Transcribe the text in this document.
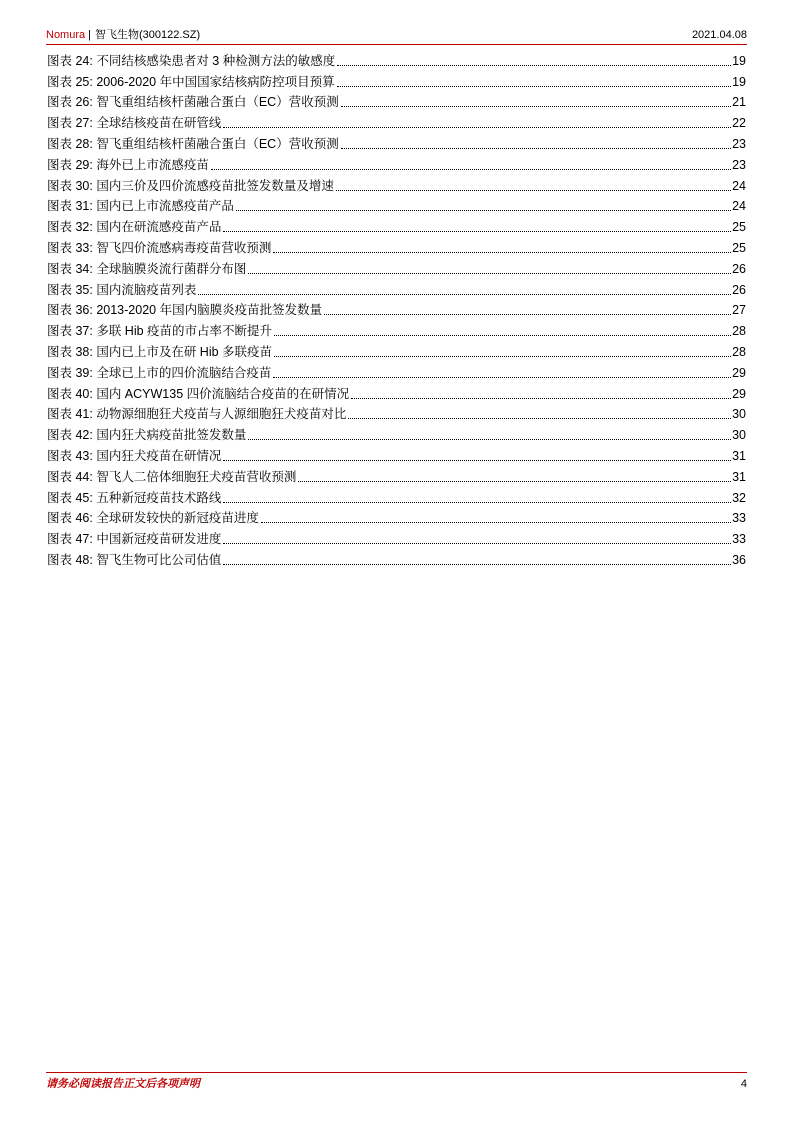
Nomura | 智飞生物(300122.SZ)	2021.04.08
图表 24: 不同结核感染患者对 3 种检测方法的敏感度	19
图表 25: 2006-2020 年中国国家结核病防控项目预算	19
图表 26: 智飞重组结核杆菌融合蛋白（EC）营收预测	21
图表 27: 全球结核疫苗在研管线	22
图表 28: 智飞重组结核杆菌融合蛋白（EC）营收预测	23
图表 29: 海外已上市流感疫苗	23
图表 30: 国内三价及四价流感疫苗批签发数量及增速	24
图表 31: 国内已上市流感疫苗产品	24
图表 32: 国内在研流感疫苗产品	25
图表 33: 智飞四价流感病毒疫苗营收预测	25
图表 34: 全球脑膜炎流行菌群分布图	26
图表 35: 国内流脑疫苗列表	26
图表 36: 2013-2020 年国内脑膜炎疫苗批签发数量	27
图表 37: 多联 Hib 疫苗的市占率不断提升	28
图表 38: 国内已上市及在研 Hib 多联疫苗	28
图表 39: 全球已上市的四价流脑结合疫苗	29
图表 40: 国内 ACYW135 四价流脑结合疫苗的在研情况	29
图表 41: 动物源细胞狂犬疫苗与人源细胞狂犬疫苗对比	30
图表 42: 国内狂犬病疫苗批签发数量	30
图表 43: 国内狂犬疫苗在研情况	31
图表 44: 智飞人二倍体细胞狂犬疫苗营收预测	31
图表 45: 五种新冠疫苗技术路线	32
图表 46: 全球研发较快的新冠疫苗进度	33
图表 47: 中国新冠疫苗研发进度	33
图表 48: 智飞生物可比公司估值	36
请务必阅读报告正文后各项声明	4
